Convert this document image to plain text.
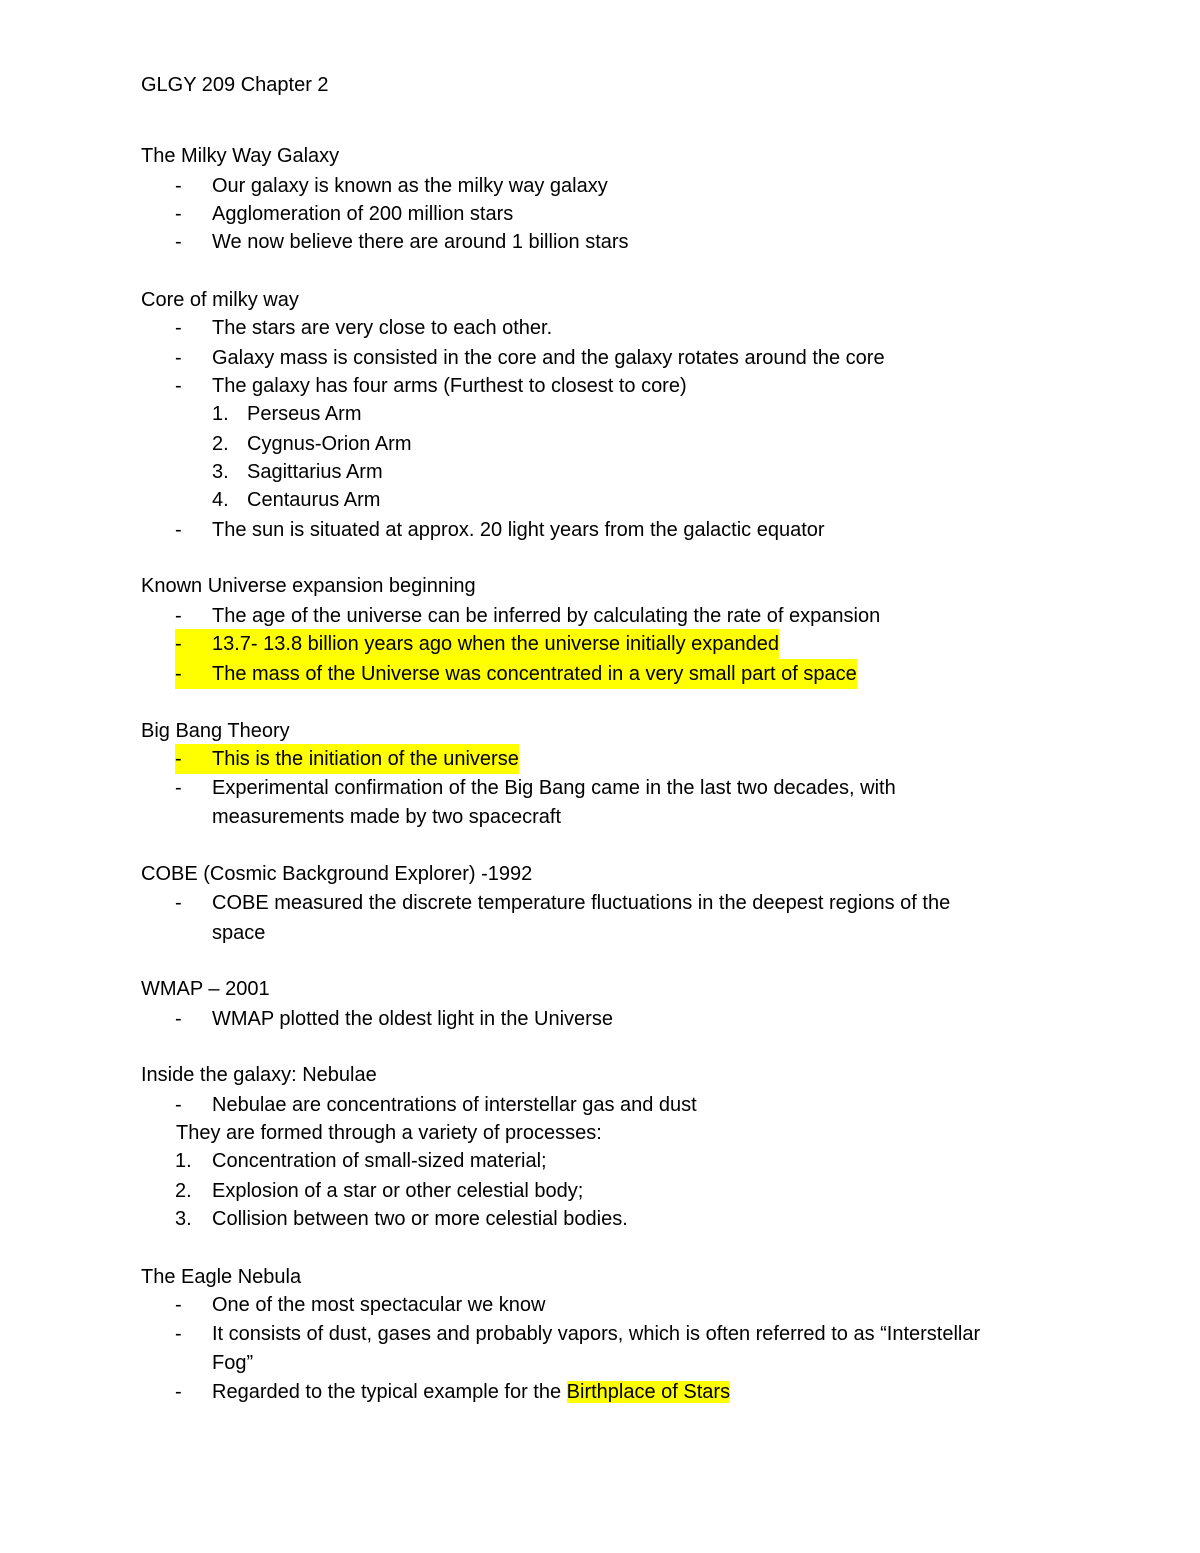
GLGY 209 Chapter 2
The Milky Way Galaxy
- Our galaxy is known as the milky way galaxy
- Agglomeration of 200 million stars
- We now believe there are around 1 billion stars
Core of milky way
- The stars are very close to each other.
- Galaxy mass is consisted in the core and the galaxy rotates around the core
- The galaxy has four arms (Furthest to closest to core)
1. Perseus Arm
2. Cygnus-Orion Arm
3. Sagittarius Arm
4. Centaurus Arm
- The sun is situated at approx. 20 light years from the galactic equator
Known Universe expansion beginning
- The age of the universe can be inferred by calculating the rate of expansion
-	13.7- 13.8 billion years ago when the universe initially expanded
-	The mass of the Universe was concentrated in a very small part of space
Big Bang Theory
-	This is the initiation of the universe
- Experimental confirmation of the Big Bang came in the last two decades, with
measurements made by two spacecraft
COBE (Cosmic Background Explorer) -1992
- COBE measured the discrete temperature fluctuations in the deepest regions of the
space
WMAP – 2001
- WMAP plotted the oldest light in the Universe
Inside the galaxy: Nebulae
- Nebulae are concentrations of interstellar gas and dust
They are formed through a variety of processes:
1. Concentration of small-sized material;
2. Explosion of a star or other celestial body;
3. Collision between two or more celestial bodies.
The Eagle Nebula
- One of the most spectacular we know
- It consists of dust, gases and probably vapors, which is often referred to as “Interstellar
Fog”
- Regarded to the typical example for the Birthplace of Stars
